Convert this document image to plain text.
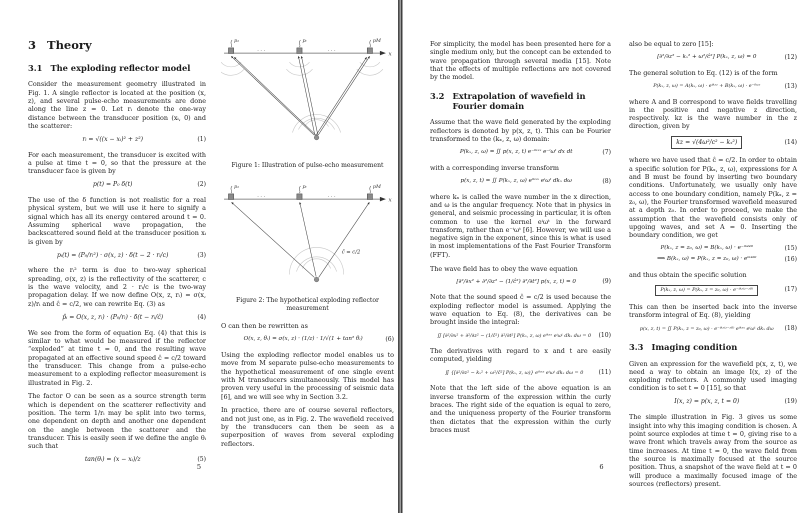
3 Theory
3.1 The exploding reflector model

Consider the measurement geometry illustrated in Fig. 1. A single reflector is located at the position (x, z), and several pulse-echo measurements are done along the line z = 0. Let rᵢ denote the one-way distance between the transducer position (xᵢ, 0) and the scatterer:

rᵢ = √((x − xᵢ)² + z²)	(1)

For each measurement, the transducer is excited with a pulse at time t = 0, so that the pressure at the transducer face is given by

p(t) = P₀ δ(t)	(2)

The use of the δ function is not realistic for a real physical system, but we will use it here to signify a signal which has all its energy centered around t = 0. Assuming spherical wave propagation, the backscattered sound field at the transducer position xᵢ is given by

pᵢ(t) = (P₀/rᵢ²) · σ(x, z) · δ(t − 2 · rᵢ/c)	(3)

where the rᵢ² term is due to two-way spherical spreading, σ(x, z) is the reflectivity of the scatterer, c is the wave velocity, and 2 · rᵢ/c is the two-way propagation delay. If we now define O(x, z, rᵢ) = σ(x, z)/rᵢ and ĉ = c/2, we can rewrite Eq. (3) as

p̂ᵢ = O(x, z, rᵢ) · (P₀/rᵢ) · δ(t − rᵢ/ĉ)	(4)

We see from the form of equation Eq. (4) that this is similar to what would be measured if the reflector “exploded” at time t = 0, and the resulting wave propagated at an effective sound speed ĉ = c/2 toward the transducer. This change from a pulse-echo measurement to a exploding reflector measurement is illustrated in Fig. 2.

The factor O can be seen as a source strength term which is dependent on the scatterer reflectivity and position. The term 1/rᵢ may be split into two terms, one dependent on depth and another one dependent on the angle between the scatterer and the transducer. This is easily seen if we define the angle θᵢ such that

tan(θᵢ) = (x − xᵢ)/z	(5)
x
p₁	pᵢ	pM
· · ·	· · ·
Figure 1: Illustration of pulse-echo measurement
x
p₁	pᵢ	pM
· · ·	· · ·
ĉ = c/2
Figure 2: The hypothetical exploding reflector measurement

O can then be rewritten as

O(x, z, θᵢ) = σ(x, z) · (1/z) · 1/√(1 + tan² θᵢ)	(6)

Using the exploding reflector model enables us to move from M separate pulse-echo measurements to the hypothetical measurement of one single event with M transducers simultaneously. This model has proven very useful in the processing of seismic data [6], and we will see why in Section 3.2.

In practice, there are of course several reflectors, and not just one, as in Fig. 2. The wavefield received by the transducers can then be seen as a superposition of waves from several exploding reflectors.

5

For simplicity, the model has been presented here for a single medium only, but the concept can be extended to wave propagation through several media [15]. Note that the effects of multiple reflections are not covered by the model.

3.2 Extrapolation of wavefield in Fourier domain

Assume that the wave field generated by the exploding reflectors is denoted by p(x, z, t). This can be Fourier transformed to the (kₓ, z, ω) domain:

P(kₓ, z, ω) = ∬ p(x, z, t) e⁻ⁱᵏˣˣ e⁻ⁱωᵗ dx dt	(7)

with a corresponding inverse transform

p(x, z, t) = ∬ P(kₓ, z, ω) eⁱᵏˣˣ eⁱωᵗ dkₓ dω	(8)

where kₓ is called the wave number in the x direction, and ω is the angular frequency. Note that in physics in general, and seismic processing in particular, it is often common to use the kernel eⁱωᵗ in the forward transform, rather than e⁻ⁱωᵗ [6]. However, we will use a negative sign in the exponent, since this is what is used in most implementations of the Fast Fourier Transform (FFT).

The wave field has to obey the wave equation

[∂²/∂x² + ∂²/∂z² − (1/ĉ²) ∂²/∂t²] p(x, z, t) = 0	(9)

Note that the sound speed ĉ = c/2 is used because the exploding reflector model is assumed. Applying the wave equation to Eq. (8), the derivatives can be brought inside the integral:

∬ [∂²/∂x² + ∂²/∂z² − (1/ĉ²) ∂²/∂t²] P(kₓ, z, ω) eⁱᵏˣˣ eⁱωᵗ dkₓ dω = 0	(10)

The derivatives with regard to x and t are easily computed, yielding

∬ {[∂²/∂z² − kₓ² + ω²/ĉ²] P(kₓ, z, ω)} eⁱᵏˣˣ eⁱωᵗ dkₓ dω = 0	(11)

Note that the left side of the above equation is an inverse transform of the expression within the curly braces. The right side of the equation is equal to zero, and the uniqueness property of the Fourier transform then dictates that the expression within the curly braces must

also be equal to zero [15]:

[∂²/∂z² − kₓ² + ω²/ĉ²] P(kₓ, z, ω) = 0	(12)

The general solution to Eq. (12) is of the form

P(kₓ, z, ω) = A(kₓ, ω) · eⁱᵏᶻᶻ + B(kₓ, ω) · e⁻ⁱᵏᶻᶻ	(13)

where A and B correspond to wave fields travelling in the positive and negative z direction, respectively. kz is the wave number in the z direction, given by

kz = √(4ω²/c² − kₓ²)	(14)

where we have used that ĉ = c/2. In order to obtain a specific solution for P(kₓ, z, ω), expressions for A and B must be found by inserting two boundary conditions. Unfortunately, we usually only have access to one boundary condition, namely P(kₓ, z = z₀, ω), the Fourier transformed wavefield measured at a depth z₀. In order to proceed, we make the assumption that the wavefield consists only of upgoing waves, and set A = 0. Inserting the boundary condition, we get

P(kₓ, z = z₀, ω) = B(kₓ, ω) · e⁻ⁱᵏᶻᶻ⁰	(15)
⟹ B(kₓ, ω) = P(kₓ, z = z₀, ω) · eⁱᵏᶻᶻ⁰	(16)

and thus obtain the specific solution

P(kₓ, z, ω) = P(kₓ, z = z₀, ω) · e⁻ⁱᵏᶻ⁽ᶻ⁻ᶻ⁰⁾	(17)

This can then be inserted back into the inverse transform integral of Eq. (8), yielding

p(x, z, t) = ∬ P(kₓ, z = z₀, ω) · e⁻ⁱᵏᶻ⁽ᶻ⁻ᶻ⁰⁾ eⁱᵏˣˣ eⁱωᵗ dkₓ dω	(18)
3.3 Imaging condition

Given an expression for the wavefield p(x, z, t), we need a way to obtain an image I(x, z) of the exploding reflectors. A commonly used imaging condition is to set t = 0 [15], so that

I(x, z) = p(x, z, t = 0)	(19)

The simple illustration in Fig. 3 gives us some insight into why this imaging condition is chosen. A point source explodes at time t = 0, giving rise to a wave front which travels away from the source as time increases. At time t = 0, the wave field from the source is maximally focused at the source position. Thus, a snapshot of the wave field at t = 0 will produce a maximally focused image of the sources (reflectors) present.

6
